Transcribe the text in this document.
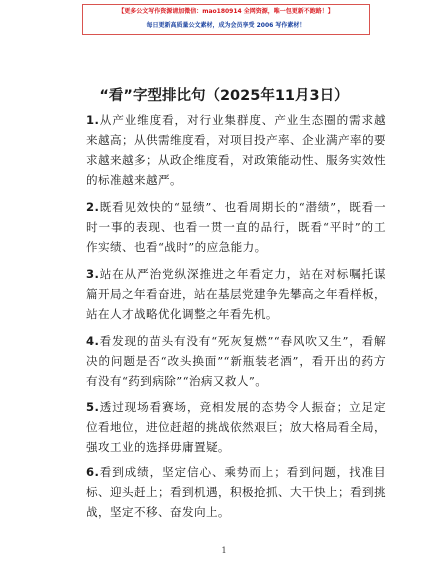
【更多公文写作资源请加微信：mao180914 全网资源，唯一包更新不跑路！】
每日更新高质量公文素材，成为会员享受 2006 写作素材！
“看”字型排比句（2025年11月3日）

1.从产业维度看，对行业集群度、产业生态圈的需求越来越高；从供需维度看，对项目投产率、企业满产率的要求越来越多；从政企维度看，对政策能动性、服务实效性的标准越来越严。

2.既看见效快的“显绩”、也看周期长的“潜绩”，既看一时一事的表现、也看一贯一直的品行，既看“平时”的工作实绩、也看“战时”的应急能力。

3.站在从严治党纵深推进之年看定力，站在对标嘱托谋篇开局之年看奋进，站在基层党建争先攀高之年看样板，站在人才战略优化调整之年看先机。

4.看发现的苗头有没有“死灰复燃”“春风吹又生”，看解决的问题是否“改头换面”“新瓶装老酒”，看开出的药方有没有“药到病除”“治病又救人”。

5.透过现场看赛场，竞相发展的态势令人振奋；立足定位看地位，进位赶超的挑战依然艰巨；放大格局看全局，强攻工业的选择毋庸置疑。

6.看到成绩，坚定信心、乘势而上；看到问题，找准目标、迎头赶上；看到机遇，积极抢抓、大干快上；看到挑战，坚定不移、奋发向上。

1
